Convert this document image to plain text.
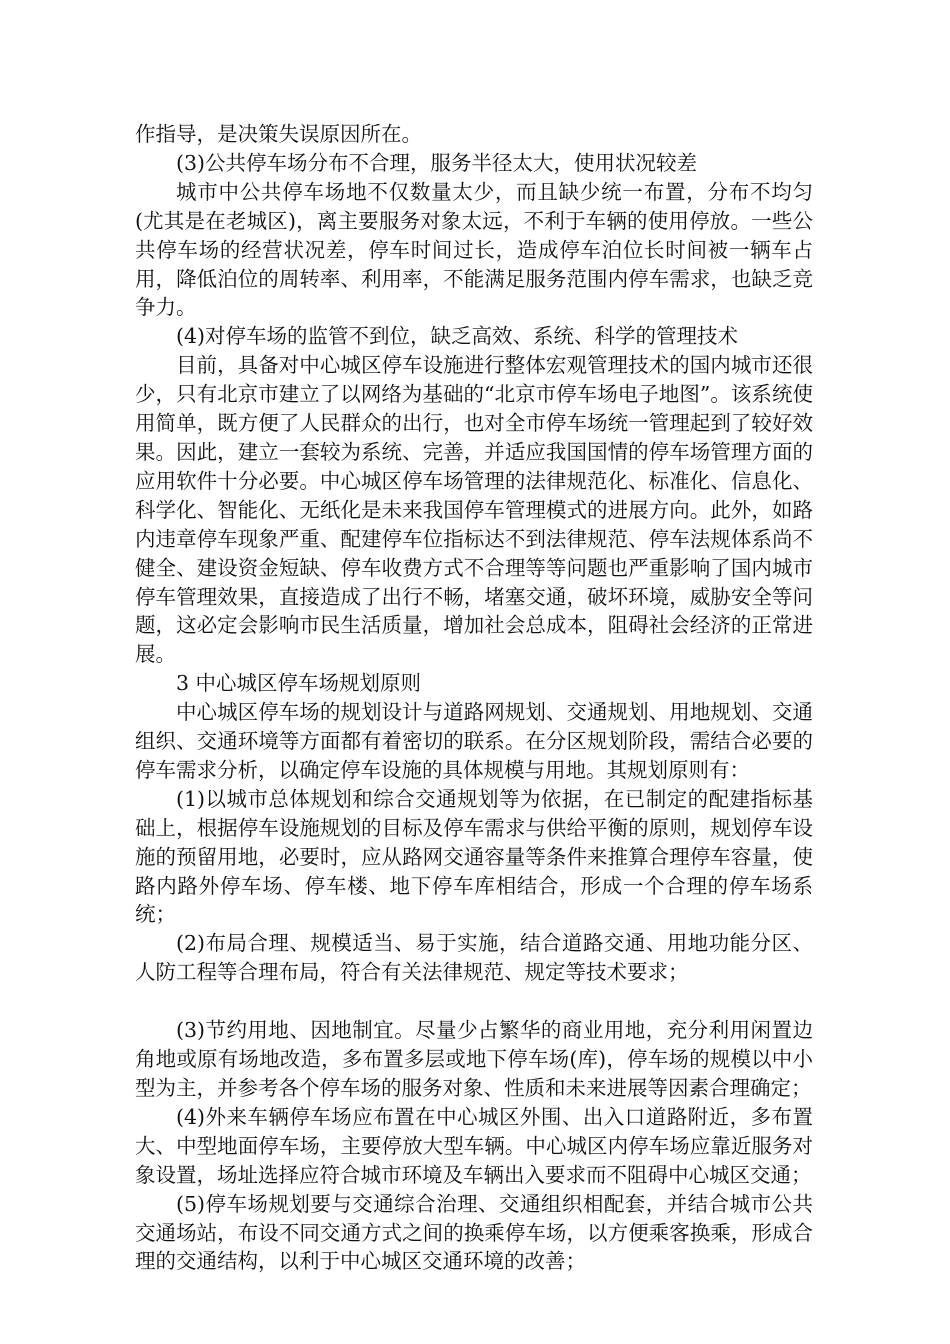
作指导，是决策失误原因所在。

(3)公共停车场分布不合理，服务半径太大，使用状况较差

城市中公共停车场地不仅数量太少，而且缺少统一布置，分布不均匀(尤其是在老城区)，离主要服务对象太远，不利于车辆的使用停放。一些公共停车场的经营状况差，停车时间过长，造成停车泊位长时间被一辆车占用，降低泊位的周转率、利用率，不能满足服务范围内停车需求，也缺乏竞争力。

(4)对停车场的监管不到位，缺乏高效、系统、科学的管理技术

目前，具备对中心城区停车设施进行整体宏观管理技术的国内城市还很少，只有北京市建立了以网络为基础的“北京市停车场电子地图”。该系统使用简单，既方便了人民群众的出行，也对全市停车场统一管理起到了较好效果。因此，建立一套较为系统、完善，并适应我国国情的停车场管理方面的应用软件十分必要。中心城区停车场管理的法律规范化、标准化、信息化、科学化、智能化、无纸化是未来我国停车管理模式的进展方向。此外，如路内违章停车现象严重、配建停车位指标达不到法律规范、停车法规体系尚不健全、建设资金短缺、停车收费方式不合理等等问题也严重影响了国内城市停车管理效果，直接造成了出行不畅，堵塞交通，破坏环境，威胁安全等问题，这必定会影响市民生活质量，增加社会总成本，阻碍社会经济的正常进展。

3 中心城区停车场规划原则

中心城区停车场的规划设计与道路网规划、交通规划、用地规划、交通组织、交通环境等方面都有着密切的联系。在分区规划阶段，需结合必要的停车需求分析，以确定停车设施的具体规模与用地。其规划原则有：

(1)以城市总体规划和综合交通规划等为依据，在已制定的配建指标基础上，根据停车设施规划的目标及停车需求与供给平衡的原则，规划停车设施的预留用地，必要时，应从路网交通容量等条件来推算合理停车容量，使路内路外停车场、停车楼、地下停车库相结合，形成一个合理的停车场系统；

(2)布局合理、规模适当、易于实施，结合道路交通、用地功能分区、人防工程等合理布局，符合有关法律规范、规定等技术要求；

(3)节约用地、因地制宜。尽量少占繁华的商业用地，充分利用闲置边角地或原有场地改造，多布置多层或地下停车场(库)，停车场的规模以中小型为主，并参考各个停车场的服务对象、性质和未来进展等因素合理确定；

(4)外来车辆停车场应布置在中心城区外围、出入口道路附近，多布置大、中型地面停车场，主要停放大型车辆。中心城区内停车场应靠近服务对象设置，场址选择应符合城市环境及车辆出入要求而不阻碍中心城区交通；

(5)停车场规划要与交通综合治理、交通组织相配套，并结合城市公共交通场站，布设不同交通方式之间的换乘停车场，以方便乘客换乘，形成合理的交通结构，以利于中心城区交通环境的改善；
